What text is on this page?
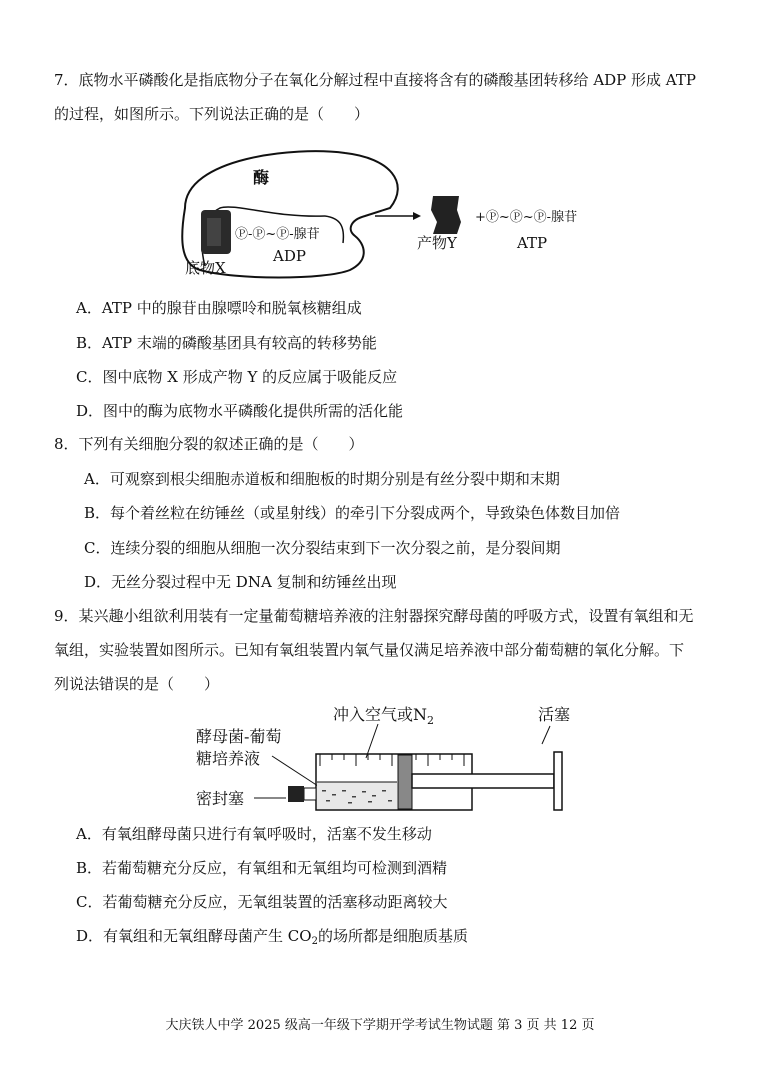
7．底物水平磷酸化是指底物分子在氧化分解过程中直接将含有的磷酸基团转移给 ADP 形成 ATP
的过程，如图所示。下列说法正确的是（　　）
酶
Ⓟ-Ⓟ~Ⓟ-腺苷
底物X
ADP
产物Y
+Ⓟ~Ⓟ~Ⓟ-腺苷
ATP
A．ATP 中的腺苷由腺嘌呤和脱氧核糖组成
B．ATP 末端的磷酸基团具有较高的转移势能
C．图中底物 X 形成产物 Y 的反应属于吸能反应
D．图中的酶为底物水平磷酸化提供所需的活化能
8．下列有关细胞分裂的叙述正确的是（　　）
A．可观察到根尖细胞赤道板和细胞板的时期分别是有丝分裂中期和末期
B．每个着丝粒在纺锤丝（或星射线）的牵引下分裂成两个，导致染色体数目加倍
C．连续分裂的细胞从细胞一次分裂结束到下一次分裂之前，是分裂间期
D．无丝分裂过程中无 DNA 复制和纺锤丝出现
9．某兴趣小组欲利用装有一定量葡萄糖培养液的注射器探究酵母菌的呼吸方式，设置有氧组和无
氧组，实验装置如图所示。已知有氧组装置内氧气量仅满足培养液中部分葡萄糖的氧化分解。下
列说法错误的是（　　）
冲入空气或$N_2$	活塞
酵母菌-葡萄
糖培养液
密封塞
A．有氧组酵母菌只进行有氧呼吸时，活塞不发生移动
B．若葡萄糖充分反应，有氧组和无氧组均可检测到酒精
C．若葡萄糖充分反应，无氧组装置的活塞移动距离较大
D．有氧组和无氧组酵母菌产生 $CO_2$的场所都是细胞质基质
大庆铁人中学 2025 级高一年级下学期开学考试生物试题 第 3 页 共 12 页
